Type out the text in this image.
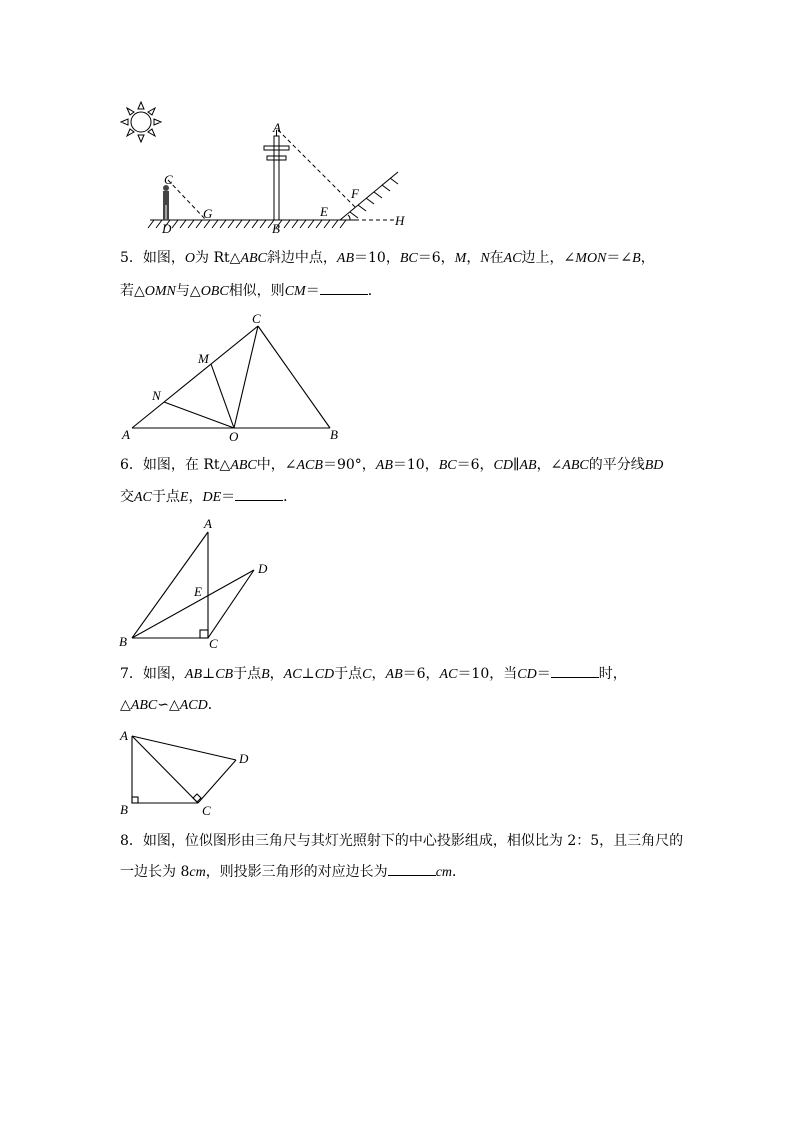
A
B
C
D
E
F
G	H
5．如图，O为 Rt△ABC斜边中点，AB＝10，BC＝6，M，N在AC边上，∠MON＝∠B，
若△OMN与△OBC相似，则CM＝	．
A	B
C
M
N
O
6．如图，在 Rt△ABC中，∠ACB＝90°，AB＝10，BC＝6，CD∥AB，∠ABC的平分线BD
交AC于点E，DE＝	．
A
B	C
D
E
7．如图，AB⊥CB于点B，AC⊥CD于点C，AB＝6，AC＝10，当CD＝	时，
△ABC∽△ACD．
A
B	C
D
8．如图，位似图形由三角尺与其灯光照射下的中心投影组成，相似比为 2：5，且三角尺的
一边长为 8cm，则投影三角形的对应边长为	cm．
